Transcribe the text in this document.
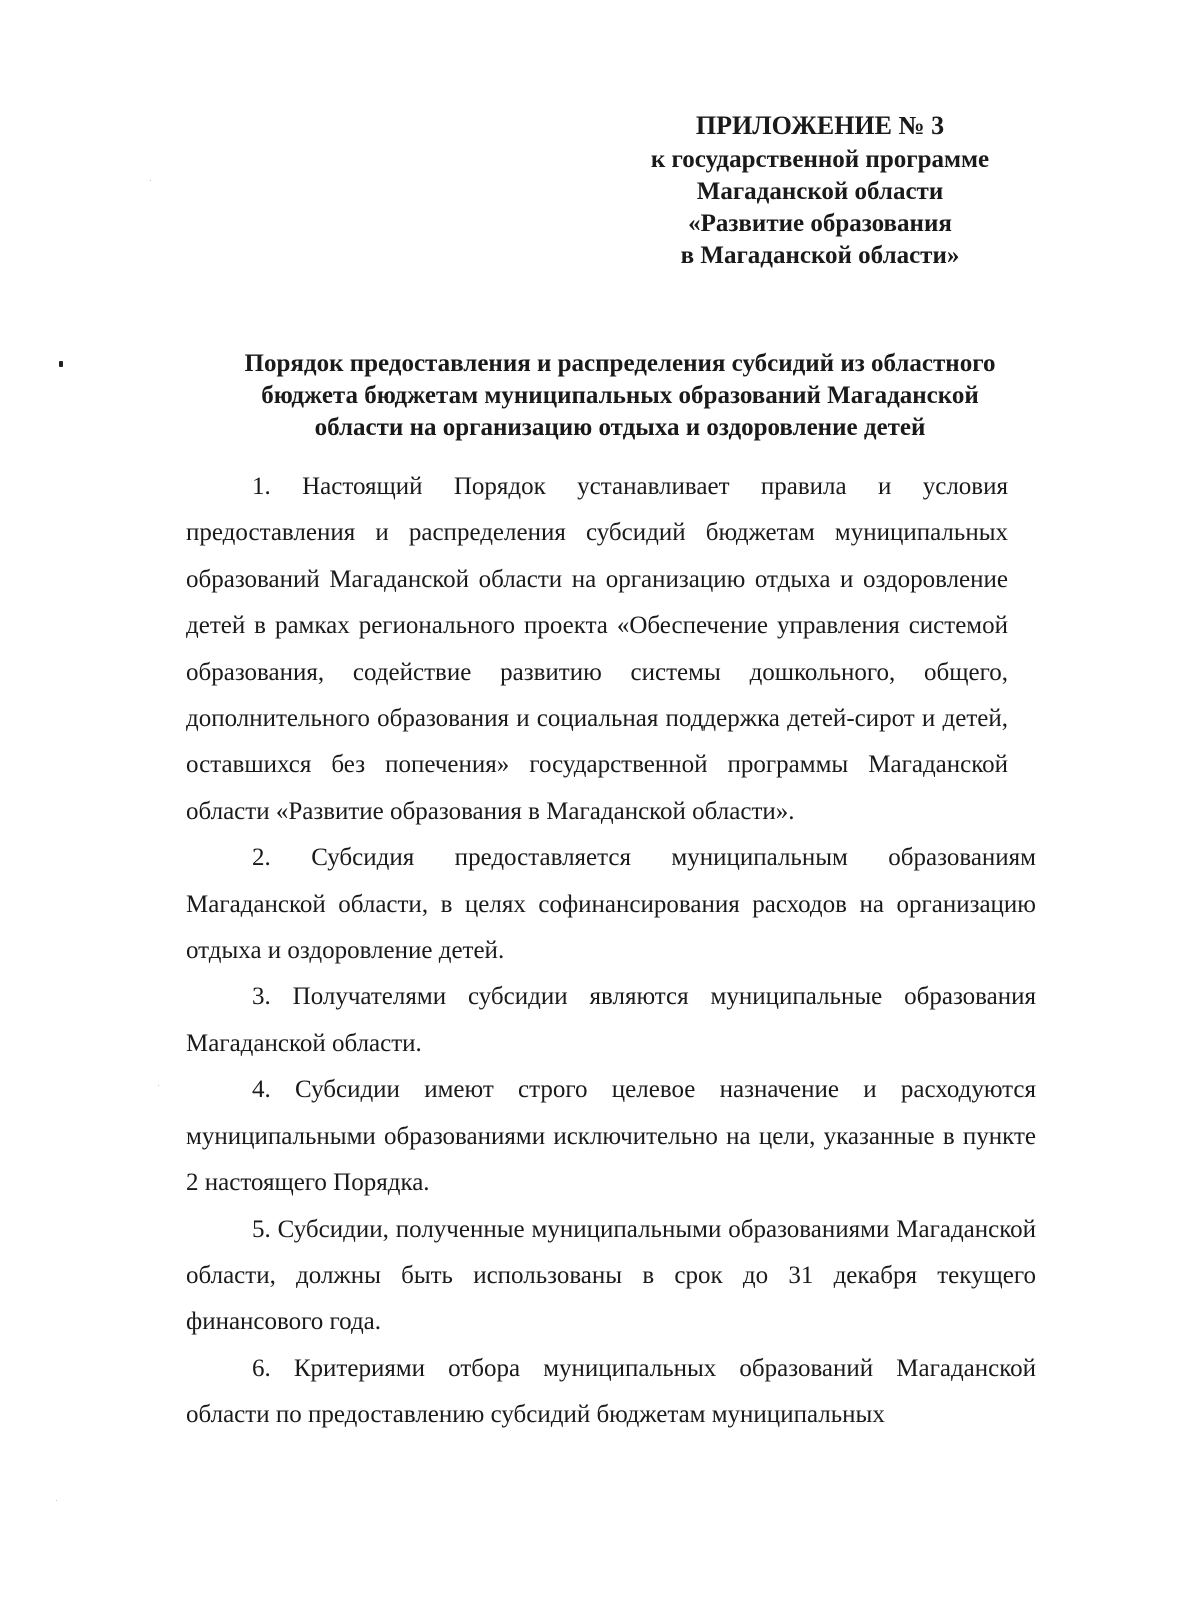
ПРИЛОЖЕНИЕ № 3
к государственной программе
Магаданской области
«Развитие образования
в Магаданской области»
Порядок предоставления и распределения субсидий из областного
бюджета бюджетам муниципальных образований Магаданской
области на организацию отдыха и оздоровление детей

1. Настоящий Порядок устанавливает правила и условия предоставления и распределения субсидий бюджетам муниципальных образований Магаданской области на организацию отдыха и оздоровление детей в рамках регионального проекта «Обеспечение управления системой образования, содействие развитию системы дошкольного, общего, дополнительного образования и социальная поддержка детей-сирот и детей, оставшихся без попечения» государственной программы Магаданской области «Развитие образования в Магаданской области».

2. Субсидия предоставляется муниципальным образованиям Магаданской области, в целях софинансирования расходов на организацию отдыха и оздоровление детей.

3. Получателями субсидии являются муниципальные образования Магаданской области.

4. Субсидии имеют строго целевое назначение и расходуются муниципальными образованиями исключительно на цели, указанные в пункте 2 настоящего Порядка.

5. Субсидии, полученные муниципальными образованиями Магаданской области, должны быть использованы в срок до 31 декабря текущего финансового года.

6. Критериями отбора муниципальных образований Магаданской области по предоставлению субсидий бюджетам муниципальных
